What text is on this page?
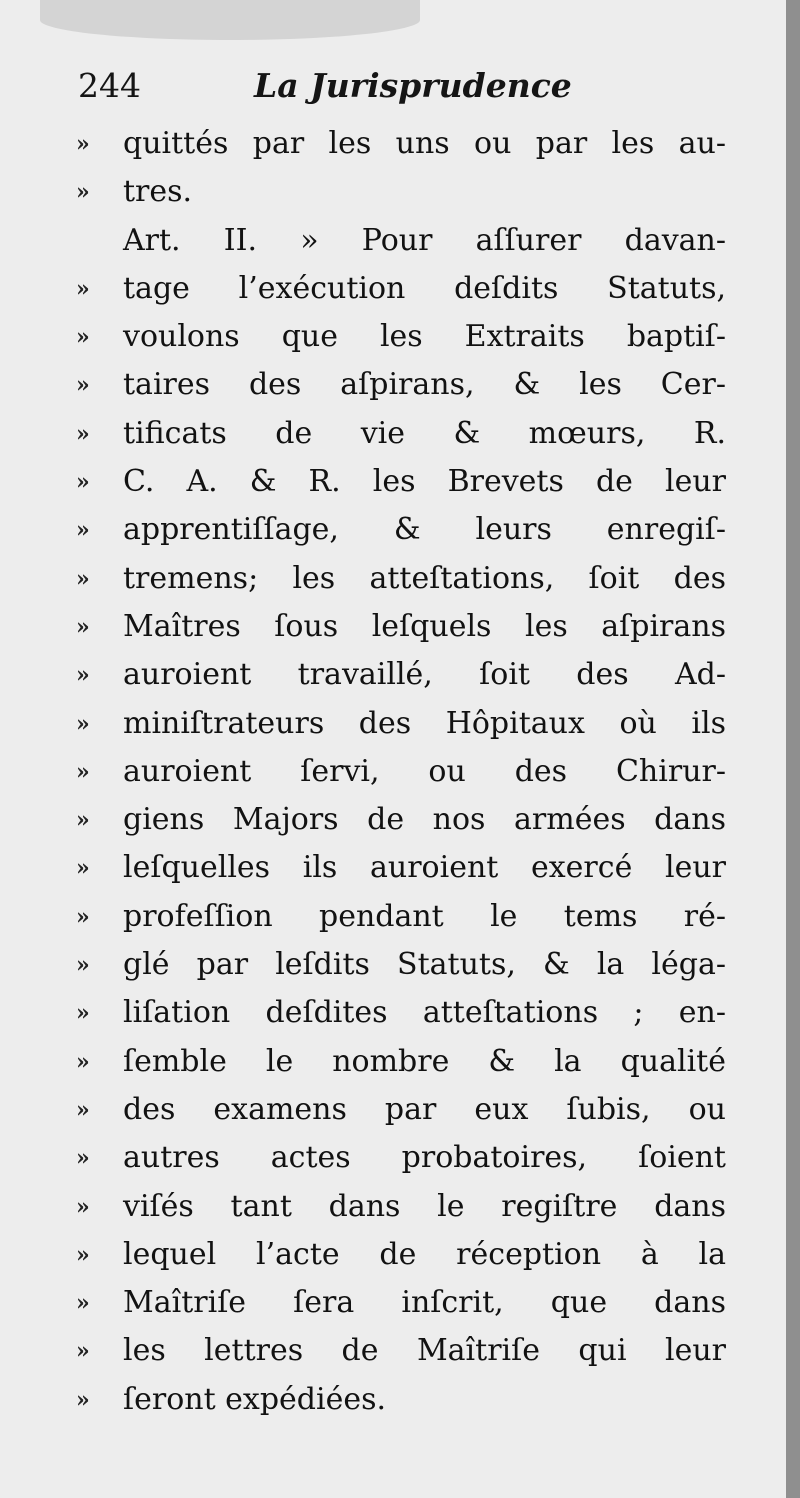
244	La Jurisprudence
»	quittés par les uns ou par les au-
»	tres.
Art. II. » Pour aſſurer davan-
»	tage l’exécution deſdits Statuts,
»	voulons que les Extraits baptiſ-
»	taires des aſpirans, & les Cer-
»	tificats de vie & mœurs, R.
»	C. A. & R. les Brevets de leur
»	apprentiſſage, & leurs enregiſ-
»	tremens; les atteſtations, ſoit des
»	Maîtres ſous leſquels les aſpirans
»	auroient travaillé, ſoit des Ad-
»	miniſtrateurs des Hôpitaux où ils
»	auroient ſervi, ou des Chirur-
»	giens Majors de nos armées dans
»	leſquelles ils auroient exercé leur
»	profeſſion pendant le tems ré-
»	glé par leſdits Statuts, & la léga-
»	liſation deſdites atteſtations ; en-
»	ſemble le nombre & la qualité
»	des examens par eux ſubis, ou
»	autres actes probatoires, ſoient
»	viſés tant dans le regiſtre dans
»	lequel l’acte de réception à la
»	Maîtriſe ſera inſcrit, que dans
»	les lettres de Maîtriſe qui leur
»	ſeront expédiées.
